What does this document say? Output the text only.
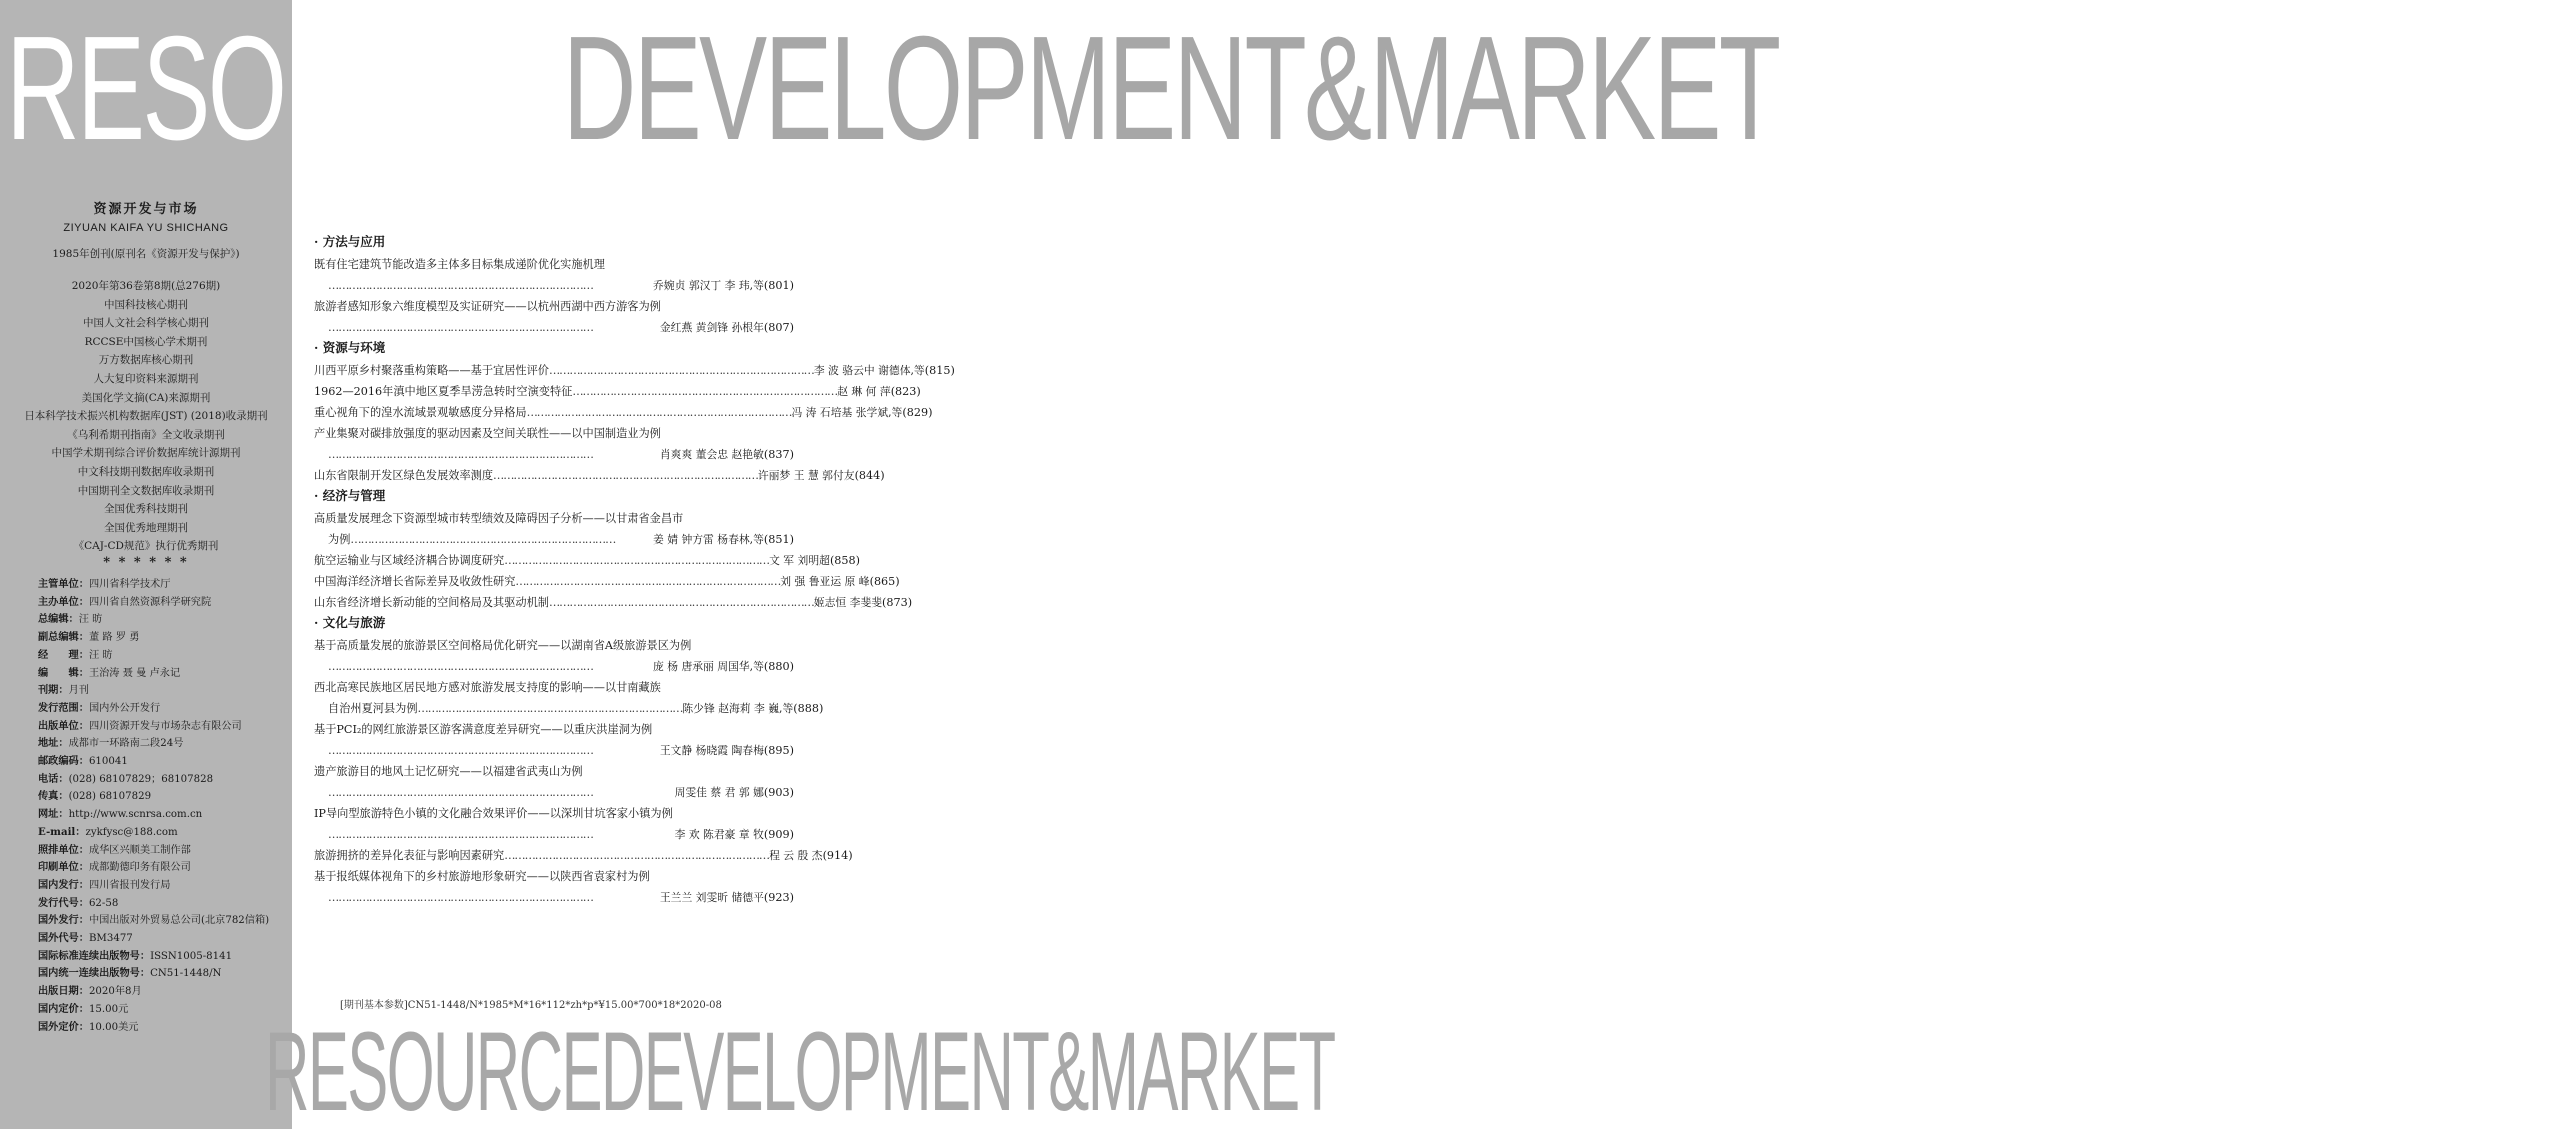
RESOURCEDEVELOPMENT&MARKET
资源开发与市场
ZIYUAN KAIFA YU SHICHANG
1985年创刊(原刊名《资源开发与保护》)
2020年第36卷第8期(总276期)
中国科技核心期刊
中国人文社会科学核心期刊
RCCSE中国核心学术期刊
万方数据库核心期刊
人大复印资料来源期刊
美国化学文摘(CA)来源期刊
日本科学技术振兴机构数据库(JST) (2018)收录期刊
《乌利希期刊指南》全文收录期刊
中国学术期刊综合评价数据库统计源期刊
中文科技期刊数据库收录期刊
中国期刊全文数据库收录期刊
全国优秀科技期刊
全国优秀地理期刊
《CAJ-CD规范》执行优秀期刊
* * * * * *
主管单位：四川省科学技术厅
主办单位：四川省自然资源科学研究院
总编辑：汪 昉
副总编辑：董 路 罗 勇
经　　理：汪 昉
编　　辑：王治涛 聂 曼 卢永记
刊期：月刊
发行范围：国内外公开发行
出版单位：四川资源开发与市场杂志有限公司
地址：成都市一环路南二段24号
邮政编码：610041
电话：(028) 68107829；68107828
传真：(028) 68107829
网址：http://www.scnrsa.com.cn
E-mail：zykfysc@188.com
照排单位：成华区兴顺美工制作部
印刷单位：成都勤德印务有限公司
国内发行：四川省报刊发行局
发行代号：62-58
国外发行：中国出版对外贸易总公司(北京782信箱)
国外代号：BM3477
国际标准连续出版物号：ISSN1005-8141
国内统一连续出版物号：CN51-1448/N
出版日期：2020年8月
国内定价：15.00元
国外定价：10.00美元
· 方法与应用
既有住宅建筑节能改造多主体多目标集成递阶优化实施机理
……………………………………………………………………	乔婉贞 郭汉丁 李 玮,等 (801)
旅游者感知形象六维度模型及实证研究——以杭州西湖中西方游客为例
……………………………………………………………………	金红燕 黄剑锋 孙根年 (807)
· 资源与环境
川西平原乡村聚落重构策略——基于宜居性评价 …………………………………………………………………… 李 波 骆云中 谢德体,等 (815)
1962—2016年滇中地区夏季旱涝急转时空演变特征 …………………………………………………………………… 赵 琳 何 萍 (823)
重心视角下的湟水流域景观敏感度分异格局 …………………………………………………………………… 冯 涛 石培基 张学斌,等 (829)
产业集聚对碳排放强度的驱动因素及空间关联性——以中国制造业为例
……………………………………………………………………	肖爽爽 董会忠 赵艳敏 (837)
山东省限制开发区绿色发展效率测度 …………………………………………………………………… 许丽梦 王 慧 郭付友 (844)
· 经济与管理
高质量发展理念下资源型城市转型绩效及障碍因子分析——以甘肃省金昌市
为例 ……………………………………………………………………	姜 婧 钟方雷 杨春林,等 (851)
航空运输业与区域经济耦合协调度研究 …………………………………………………………………… 文 军 刘明超 (858)
中国海洋经济增长省际差异及收敛性研究 …………………………………………………………………… 刘 强 鲁亚运 原 峰 (865)
山东省经济增长新动能的空间格局及其驱动机制 …………………………………………………………………… 姬志恒 李斐斐 (873)
· 文化与旅游
基于高质量发展的旅游景区空间格局优化研究——以湖南省A级旅游景区为例
……………………………………………………………………	庞 杨 唐承丽 周国华,等 (880)
西北高寒民族地区居民地方感对旅游发展支持度的影响——以甘南藏族
自治州夏河县为例 …………………………………………………………………… 陈少锋 赵海莉 李 巍,等 (888)
基于PCI₂的网红旅游景区游客满意度差异研究——以重庆洪崖洞为例
……………………………………………………………………	王文静 杨晓霞 陶春梅 (895)
遗产旅游目的地风土记忆研究——以福建省武夷山为例
……………………………………………………………………	周雯佳 蔡 君 郭 娜 (903)
IP导向型旅游特色小镇的文化融合效果评价——以深圳甘坑客家小镇为例
……………………………………………………………………	李 欢 陈君豪 章 牧 (909)
旅游拥挤的差异化表征与影响因素研究 …………………………………………………………………… 程 云 殷 杰 (914)
基于报纸媒体视角下的乡村旅游地形象研究——以陕西省袁家村为例
……………………………………………………………………	王兰兰 刘雯昕 储德平 (923)
[期刊基本参数]CN51-1448/N*1985*M*16*112*zh*p*¥15.00*700*18*2020-08
RESOURCEDEVELOPMENT&MARKET
